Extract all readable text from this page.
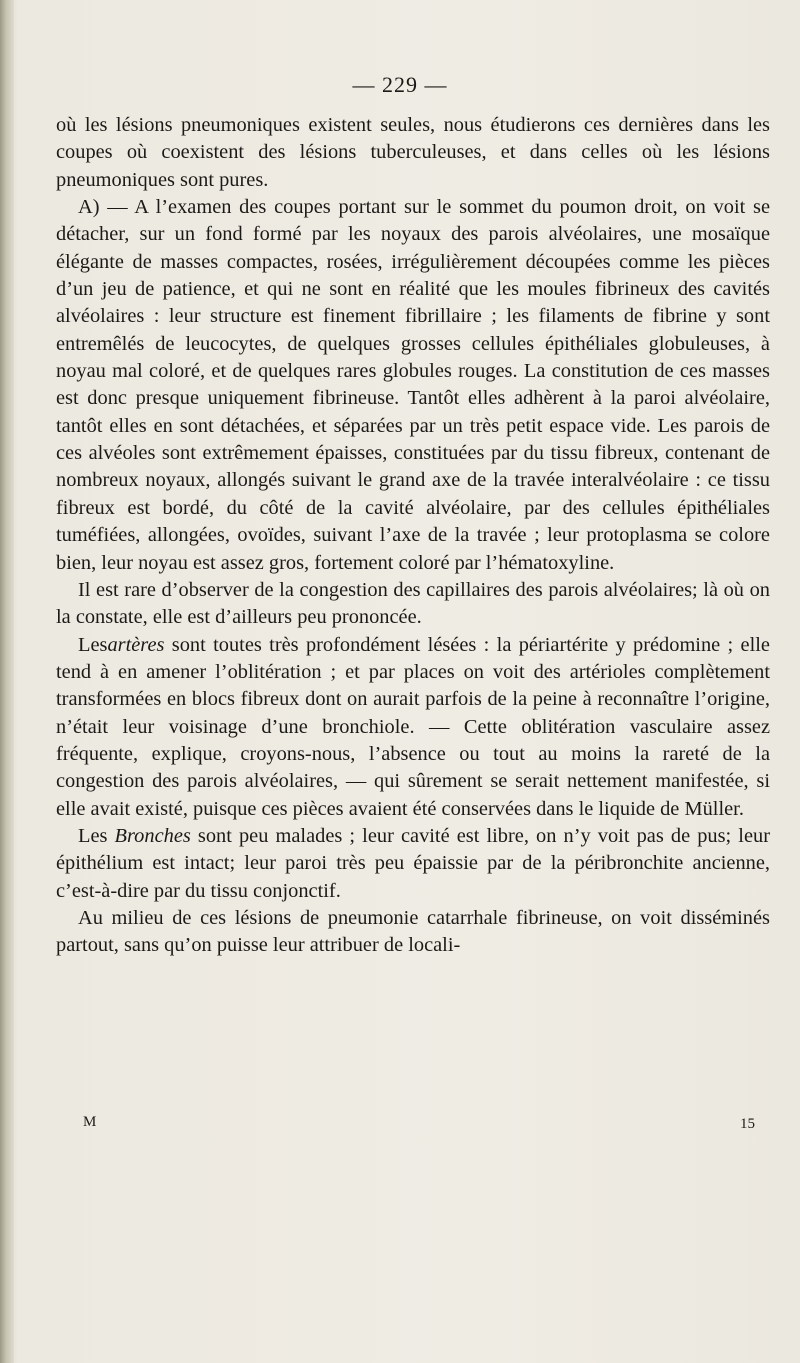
— 229 —

où les lésions pneumoniques existent seules, nous étudierons ces dernières dans les coupes où coexistent des lésions tuberculeuses, et dans celles où les lésions pneumoniques sont pures.

A) — A l’examen des coupes portant sur le sommet du poumon droit, on voit se détacher, sur un fond formé par les noyaux des parois alvéolaires, une mosaïque élégante de masses compactes, rosées, irrégulièrement découpées comme les pièces d’un jeu de patience, et qui ne sont en réalité que les moules fibrineux des cavités alvéolaires : leur structure est finement fibrillaire ; les filaments de fibrine y sont entremêlés de leucocytes, de quelques grosses cellules épithéliales globuleuses, à noyau mal coloré, et de quelques rares globules rouges. La constitution de ces masses est donc presque uniquement fibrineuse. Tantôt elles adhèrent à la paroi alvéolaire, tantôt elles en sont détachées, et séparées par un très petit espace vide. Les parois de ces alvéoles sont extrêmement épaisses, constituées par du tissu fibreux, contenant de nombreux noyaux, allongés suivant le grand axe de la travée interalvéolaire : ce tissu fibreux est bordé, du côté de la cavité alvéolaire, par des cellules épithéliales tuméfiées, allongées, ovoïdes, suivant l’axe de la travée ; leur protoplasma se colore bien, leur noyau est assez gros, fortement coloré par l’hématoxyline.

Il est rare d’observer de la congestion des capillaires des parois alvéolaires; là où on la constate, elle est d’ailleurs peu prononcée.

Lesartères sont toutes très profondément lésées : la périartérite y prédomine ; elle tend à en amener l’oblitération ; et par places on voit des artérioles complètement transformées en blocs fibreux dont on aurait parfois de la peine à reconnaître l’origine, n’était leur voisinage d’une bronchiole. — Cette oblitération vasculaire assez fréquente, explique, croyons-nous, l’absence ou tout au moins la rareté de la congestion des parois alvéolaires, — qui sûrement se serait nettement manifestée, si elle avait existé, puisque ces pièces avaient été conservées dans le liquide de Müller.

Les Bronches sont peu malades ; leur cavité est libre, on n’y voit pas de pus; leur épithélium est intact; leur paroi très peu épaissie par de la péribronchite ancienne, c’est-à-dire par du tissu conjonctif.

Au milieu de ces lésions de pneumonie catarrhale fibrineuse, on voit disséminés partout, sans qu’on puisse leur attribuer de locali-

M	15
